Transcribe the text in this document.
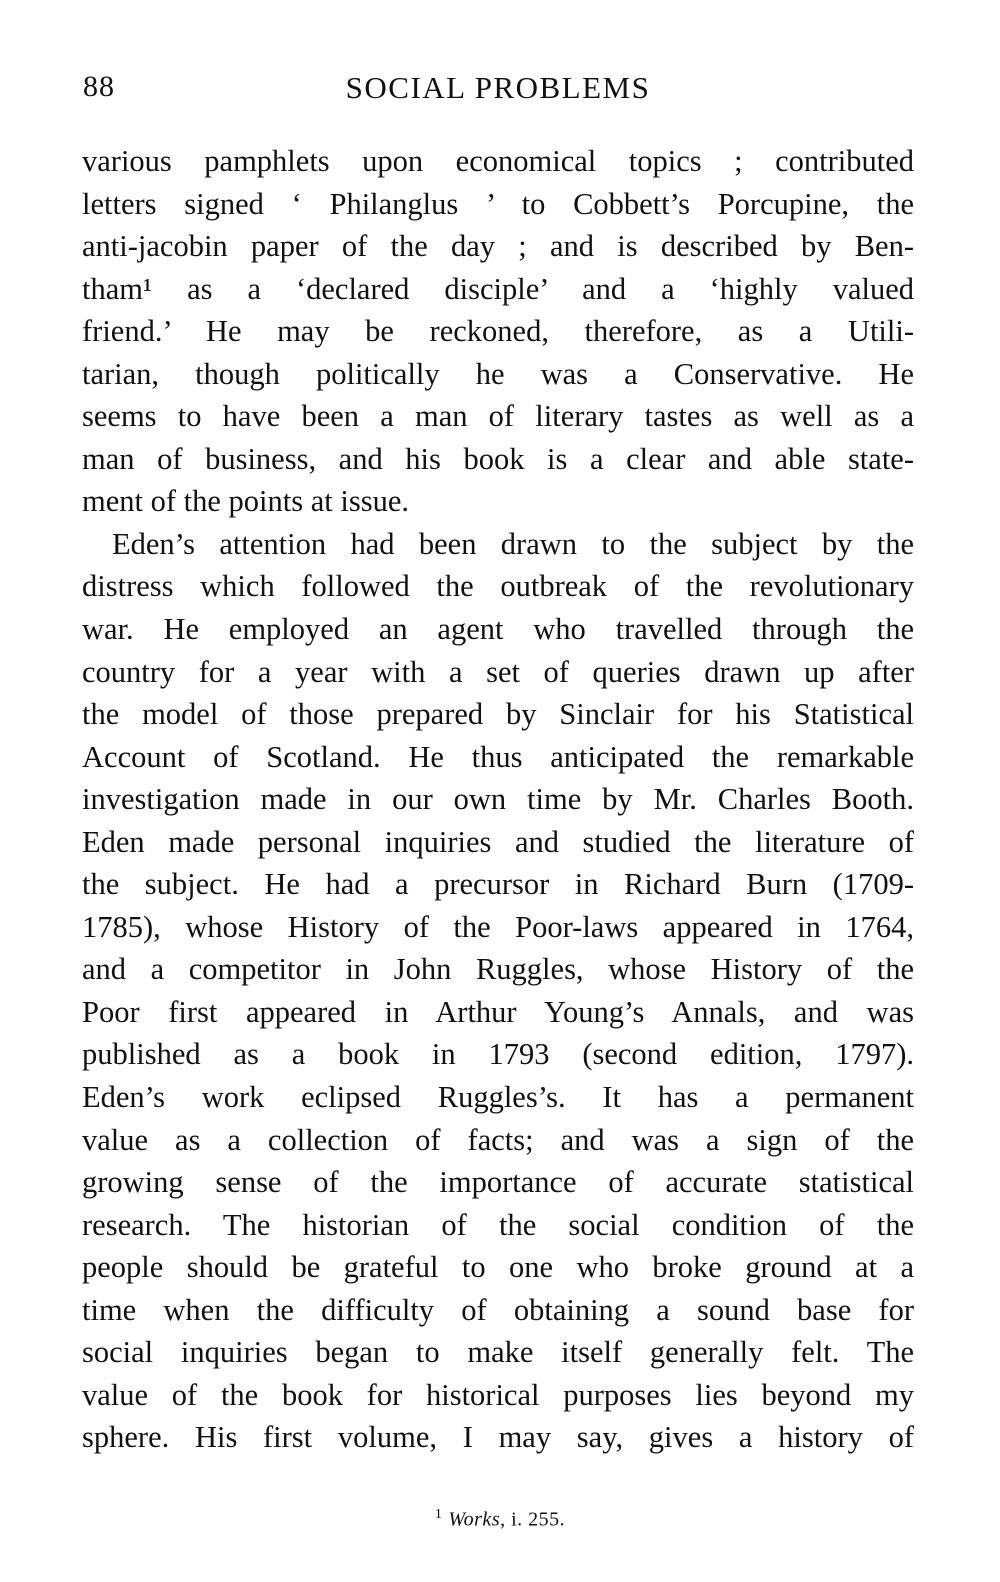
88	SOCIAL PROBLEMS
various pamphlets upon economical topics ; contributed
letters signed ‘ Philanglus ’ to Cobbett’s Porcupine, the
anti-jacobin paper of the day ; and is described by Ben-
tham¹ as a ‘declared disciple’ and a ‘highly valued
friend.’ He may be reckoned, therefore, as a Utili-
tarian, though politically he was a Conservative. He
seems to have been a man of literary tastes as well as a
man of business, and his book is a clear and able state-
ment of the points at issue.
Eden’s attention had been drawn to the subject by the
distress which followed the outbreak of the revolutionary
war. He employed an agent who travelled through the
country for a year with a set of queries drawn up after
the model of those prepared by Sinclair for his Statistical
Account of Scotland. He thus anticipated the remarkable
investigation made in our own time by Mr. Charles Booth.
Eden made personal inquiries and studied the literature of
the subject. He had a precursor in Richard Burn (1709-
1785), whose History of the Poor-laws appeared in 1764,
and a competitor in John Ruggles, whose History of the
Poor first appeared in Arthur Young’s Annals, and was
published as a book in 1793 (second edition, 1797).
Eden’s work eclipsed Ruggles’s. It has a permanent
value as a collection of facts; and was a sign of the
growing sense of the importance of accurate statistical
research. The historian of the social condition of the
people should be grateful to one who broke ground at a
time when the difficulty of obtaining a sound base for
social inquiries began to make itself generally felt. The
value of the book for historical purposes lies beyond my
sphere. His first volume, I may say, gives a history of
$^1$ Works, i. 255.
